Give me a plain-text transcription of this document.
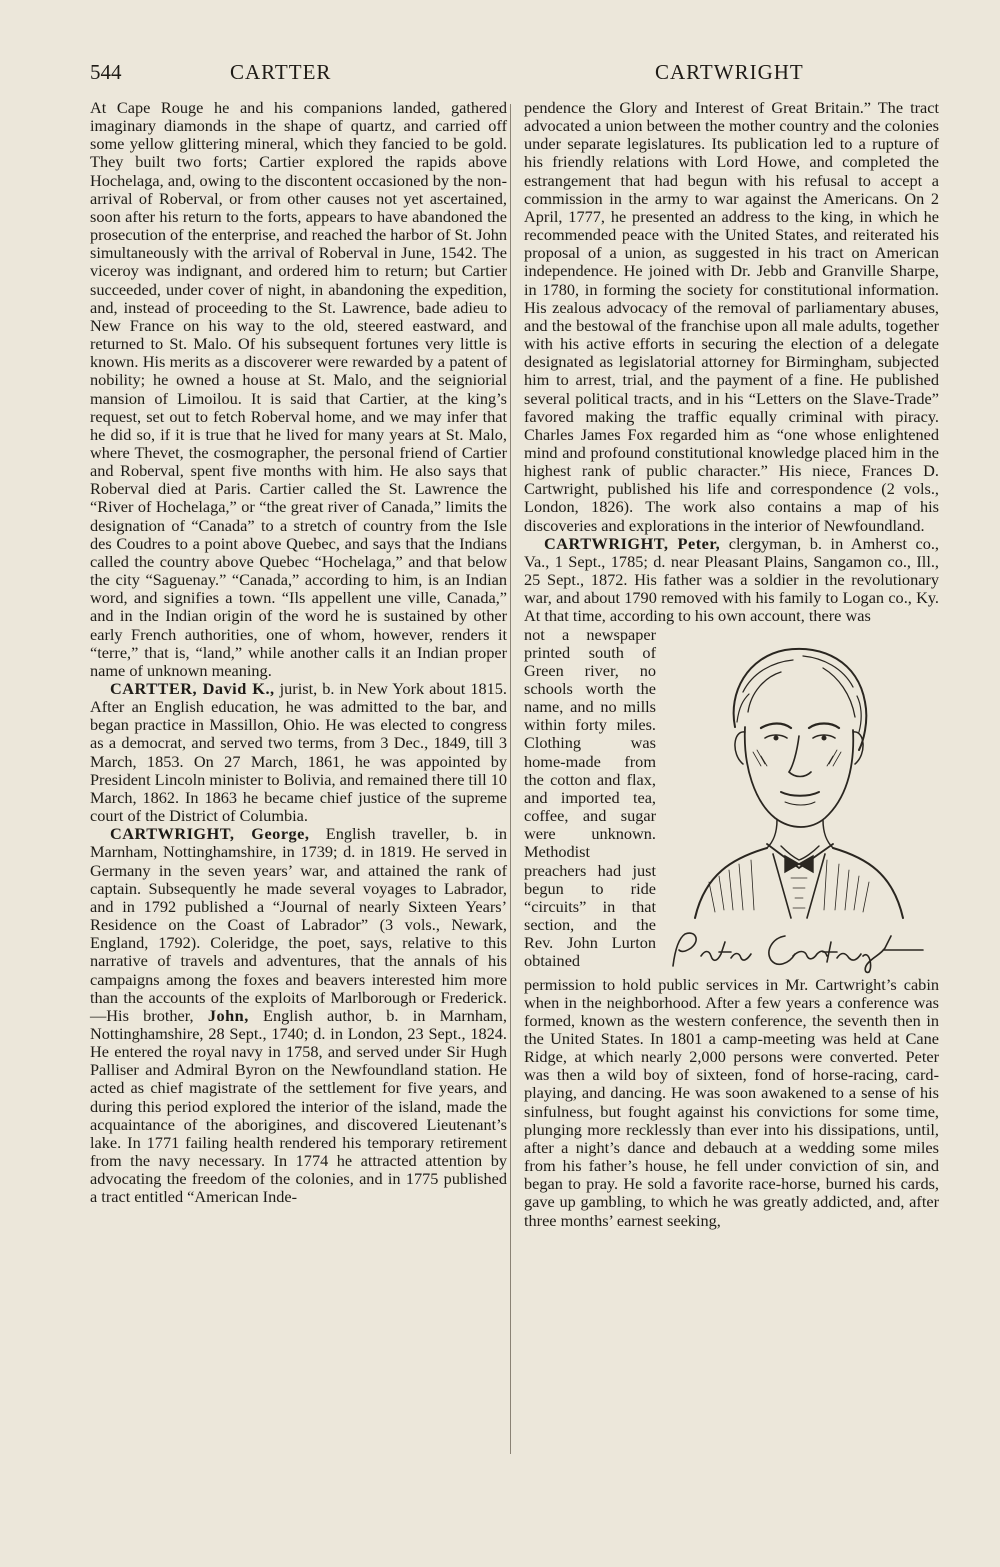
544	CARTTER	CARTWRIGHT

At Cape Rouge he and his companions landed, gathered imaginary diamonds in the shape of quartz, and carried off some yellow glittering mineral, which they fancied to be gold. They built two forts; Cartier explored the rapids above Hochelaga, and, owing to the discontent occasioned by the non-arrival of Roberval, or from other causes not yet ascertained, soon after his return to the forts, appears to have abandoned the prosecution of the enterprise, and reached the harbor of St. John simultaneously with the arrival of Roberval in June, 1542. The viceroy was indignant, and ordered him to return; but Cartier succeeded, under cover of night, in abandoning the expedition, and, instead of proceeding to the St. Lawrence, bade adieu to New France on his way to the old, steered eastward, and returned to St. Malo. Of his subsequent fortunes very little is known. His merits as a discoverer were rewarded by a patent of nobility; he owned a house at St. Malo, and the seigniorial mansion of Limoilou. It is said that Cartier, at the king’s request, set out to fetch Roberval home, and we may infer that he did so, if it is true that he lived for many years at St. Malo, where Thevet, the cosmographer, the personal friend of Cartier and Roberval, spent five months with him. He also says that Roberval died at Paris. Cartier called the St. Lawrence the “River of Hochelaga,” or “the great river of Canada,” limits the designation of “Canada” to a stretch of country from the Isle des Coudres to a point above Quebec, and says that the Indians called the country above Quebec “Hochelaga,” and that below the city “Saguenay.” “Canada,” according to him, is an Indian word, and signifies a town. “Ils appellent une ville, Canada,” and in the Indian origin of the word he is sustained by other early French authorities, one of whom, however, renders it “terre,” that is, “land,” while another calls it an Indian proper name of unknown meaning.

CARTTER, David K., jurist, b. in New York about 1815. After an English education, he was admitted to the bar, and began practice in Massillon, Ohio. He was elected to congress as a democrat, and served two terms, from 3 Dec., 1849, till 3 March, 1853. On 27 March, 1861, he was appointed by President Lincoln minister to Bolivia, and remained there till 10 March, 1862. In 1863 he became chief justice of the supreme court of the District of Columbia.

CARTWRIGHT, George, English traveller, b. in Marnham, Nottinghamshire, in 1739; d. in 1819. He served in Germany in the seven years’ war, and attained the rank of captain. Subsequently he made several voyages to Labrador, and in 1792 published a “Journal of nearly Sixteen Years’ Residence on the Coast of Labrador” (3 vols., Newark, England, 1792). Coleridge, the poet, says, relative to this narrative of travels and adventures, that the annals of his campaigns among the foxes and beavers interested him more than the accounts of the exploits of Marlborough or Frederick.—His brother, John, English author, b. in Marnham, Nottinghamshire, 28 Sept., 1740; d. in London, 23 Sept., 1824. He entered the royal navy in 1758, and served under Sir Hugh Palliser and Admiral Byron on the Newfoundland station. He acted as chief magistrate of the settlement for five years, and during this period explored the interior of the island, made the acquaintance of the aborigines, and discovered Lieutenant’s lake. In 1771 failing health rendered his temporary retirement from the navy necessary. In 1774 he attracted attention by advocating the freedom of the colonies, and in 1775 published a tract entitled “American Inde-

pendence the Glory and Interest of Great Britain.” The tract advocated a union between the mother country and the colonies under separate legislatures. Its publication led to a rupture of his friendly relations with Lord Howe, and completed the estrangement that had begun with his refusal to accept a commission in the army to war against the Americans. On 2 April, 1777, he presented an address to the king, in which he recommended peace with the United States, and reiterated his proposal of a union, as suggested in his tract on American independence. He joined with Dr. Jebb and Granville Sharpe, in 1780, in forming the society for constitutional information. His zealous advocacy of the removal of parliamentary abuses, and the bestowal of the franchise upon all male adults, together with his active efforts in securing the election of a delegate designated as legislatorial attorney for Birmingham, subjected him to arrest, trial, and the payment of a fine. He published several political tracts, and in his “Letters on the Slave-Trade” favored making the traffic equally criminal with piracy. Charles James Fox regarded him as “one whose enlightened mind and profound constitutional knowledge placed him in the highest rank of public character.” His niece, Frances D. Cartwright, published his life and correspondence (2 vols., London, 1826). The work also contains a map of his discoveries and explorations in the interior of Newfoundland.

CARTWRIGHT, Peter, clergyman, b. in Amherst co., Va., 1 Sept., 1785; d. near Pleasant Plains, Sangamon co., Ill., 25 Sept., 1872. His father was a soldier in the revolutionary war, and about 1790 removed with his family to Logan co., Ky. At that time, according to his own account, there was

not a newspaper printed south of Green river, no schools worth the name, and no mills within forty miles. Clothing was home-made from the cotton and flax, and imported tea, coffee, and sugar were unknown. Methodist preachers had just begun to ride “circuits” in that section, and the Rev. John Lurton obtained

permission to hold public services in Mr. Cartwright’s cabin when in the neighborhood. After a few years a conference was formed, known as the western conference, the seventh then in the United States. In 1801 a camp-meeting was held at Cane Ridge, at which nearly 2,000 persons were converted. Peter was then a wild boy of sixteen, fond of horse-racing, card-playing, and dancing. He was soon awakened to a sense of his sinfulness, but fought against his convictions for some time, plunging more recklessly than ever into his dissipations, until, after a night’s dance and debauch at a wedding some miles from his father’s house, he fell under conviction of sin, and began to pray. He sold a favorite race-horse, burned his cards, gave up gambling, to which he was greatly addicted, and, after three months’ earnest seeking,
